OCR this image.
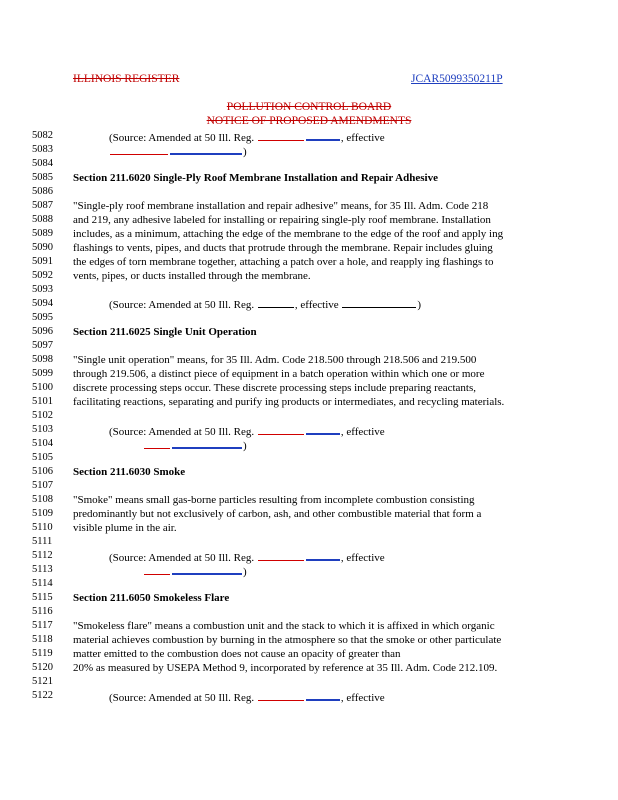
ILLINOIS REGISTER	JCAR5099350211P
POLLUTION CONTROL BOARD
NOTICE OF PROPOSED AMENDMENTS
5082
5083
5084
5085
5086
5087
5088
5089
5090
5091
5092
5093
5094
5095
5096
5097
5098
5099
5100
5101
5102
5103
5104
5105
5106
5107
5108
5109
5110
5111
5112
5113
5114
5115
5116
5117
5118
5119
5120
5121
5122
(Source: Amended at 50 Ill. Reg.	, effective
)
Section 211.6020 Single-Ply Roof Membrane Installation and Repair Adhesive
"Single-ply roof membrane installation and repair adhesive" means, for 35 Ill. Adm. Code 218
and 219, any adhesive labeled for installing or repairing single-ply roof membrane. Installation
includes, as a minimum, attaching the edge of the membrane to the edge of the roof and apply ing
flashings to vents, pipes, and ducts that protrude through the membrane. Repair includes gluing
the edges of torn membrane together, attaching a patch over a hole, and reapply ing flashings to
vents, pipes, or ducts installed through the membrane.
(Source: Amended at 50 Ill. Reg.	, effective	)
Section 211.6025 Single Unit Operation
"Single unit operation" means, for 35 Ill. Adm. Code 218.500 through 218.506 and 219.500
through 219.506, a distinct piece of equipment in a batch operation within which one or more
discrete processing steps occur. These discrete processing steps include preparing reactants,
facilitating reactions, separating and purify ing products or intermediates, and recycling materials.
(Source: Amended at 50 Ill. Reg.	, effective
)
Section 211.6030 Smoke
"Smoke" means small gas-borne particles resulting from incomplete combustion consisting
predominantly but not exclusively of carbon, ash, and other combustible material that form a
visible plume in the air.
(Source: Amended at 50 Ill. Reg.	, effective
)
Section 211.6050 Smokeless Flare
"Smokeless flare" means a combustion unit and the stack to which it is affixed in which organic
material achieves combustion by burning in the atmosphere so that the smoke or other particulate
matter emitted to the combustion does not cause an opacity of greater than
20% as measured by USEPA Method 9, incorporated by reference at 35 Ill. Adm. Code 212.109.
(Source: Amended at 50 Ill. Reg.	, effective
